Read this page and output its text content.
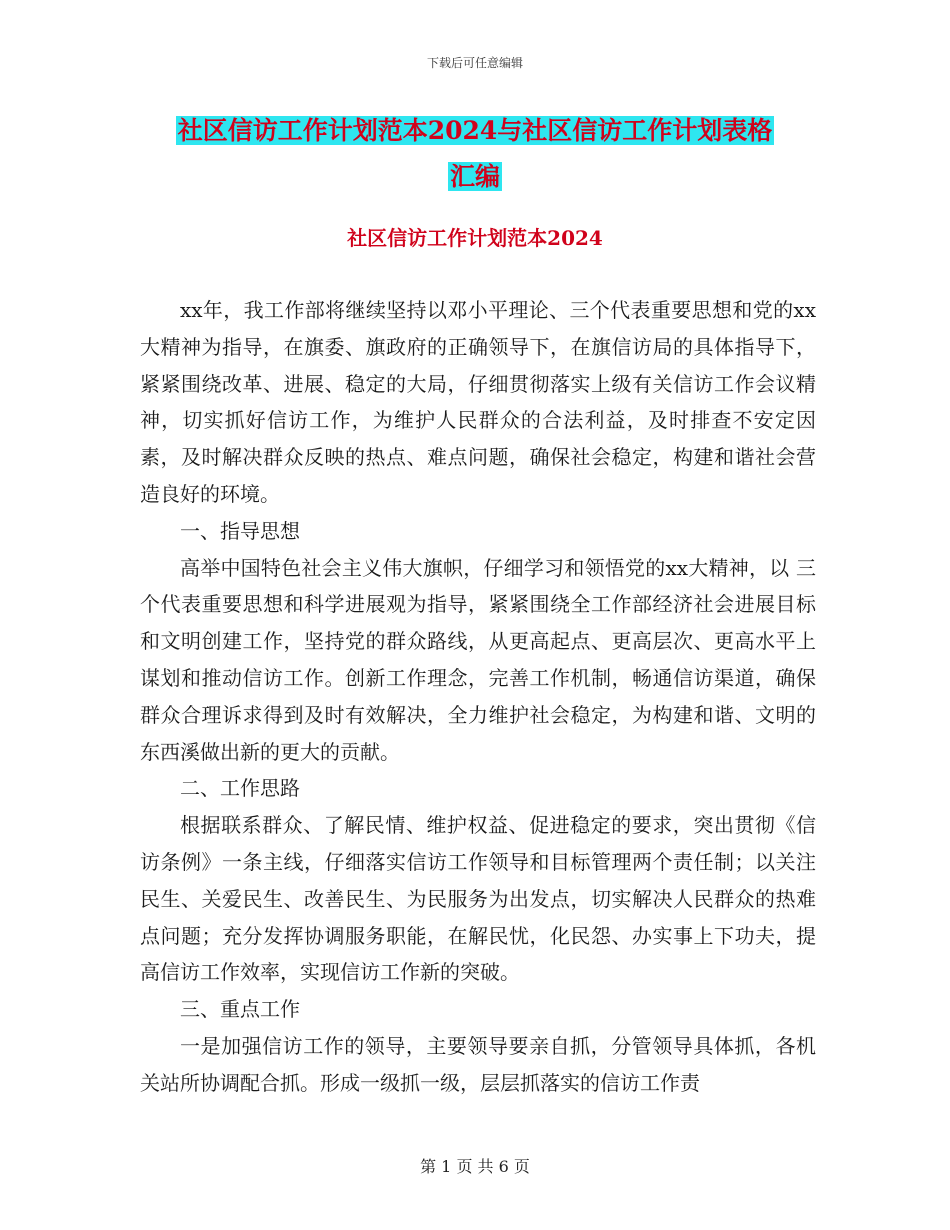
下载后可任意编辑
社区信访工作计划范本2024与社区信访工作计划表格
汇编
社区信访工作计划范本2024

xx年，我工作部将继续坚持以邓小平理论、三个代表重要思想和党的xx大精神为指导，在旗委、旗政府的正确领导下，在旗信访局的具体指导下，紧紧围绕改革、进展、稳定的大局，仔细贯彻落实上级有关信访工作会议精神，切实抓好信访工作，为维护人民群众的合法利益，及时排查不安定因素，及时解决群众反映的热点、难点问题，确保社会稳定，构建和谐社会营造良好的环境。

一、指导思想

高举中国特色社会主义伟大旗帜，仔细学习和领悟党的xx大精神，以 三个代表重要思想和科学进展观为指导，紧紧围绕全工作部经济社会进展目标和文明创建工作，坚持党的群众路线，从更高起点、更高层次、更高水平上谋划和推动信访工作。创新工作理念，完善工作机制，畅通信访渠道，确保群众合理诉求得到及时有效解决，全力维护社会稳定，为构建和谐、文明的东西溪做出新的更大的贡献。

二、工作思路

根据联系群众、了解民情、维护权益、促进稳定的要求，突出贯彻《信访条例》一条主线，仔细落实信访工作领导和目标管理两个责任制；以关注民生、关爱民生、改善民生、为民服务为出发点，切实解决人民群众的热难点问题；充分发挥协调服务职能，在解民忧，化民怨、办实事上下功夫，提高信访工作效率，实现信访工作新的突破。

三、重点工作

一是加强信访工作的领导，主要领导要亲自抓，分管领导具体抓，各机关站所协调配合抓。形成一级抓一级，层层抓落实的信访工作责

第 1 页 共 6 页
